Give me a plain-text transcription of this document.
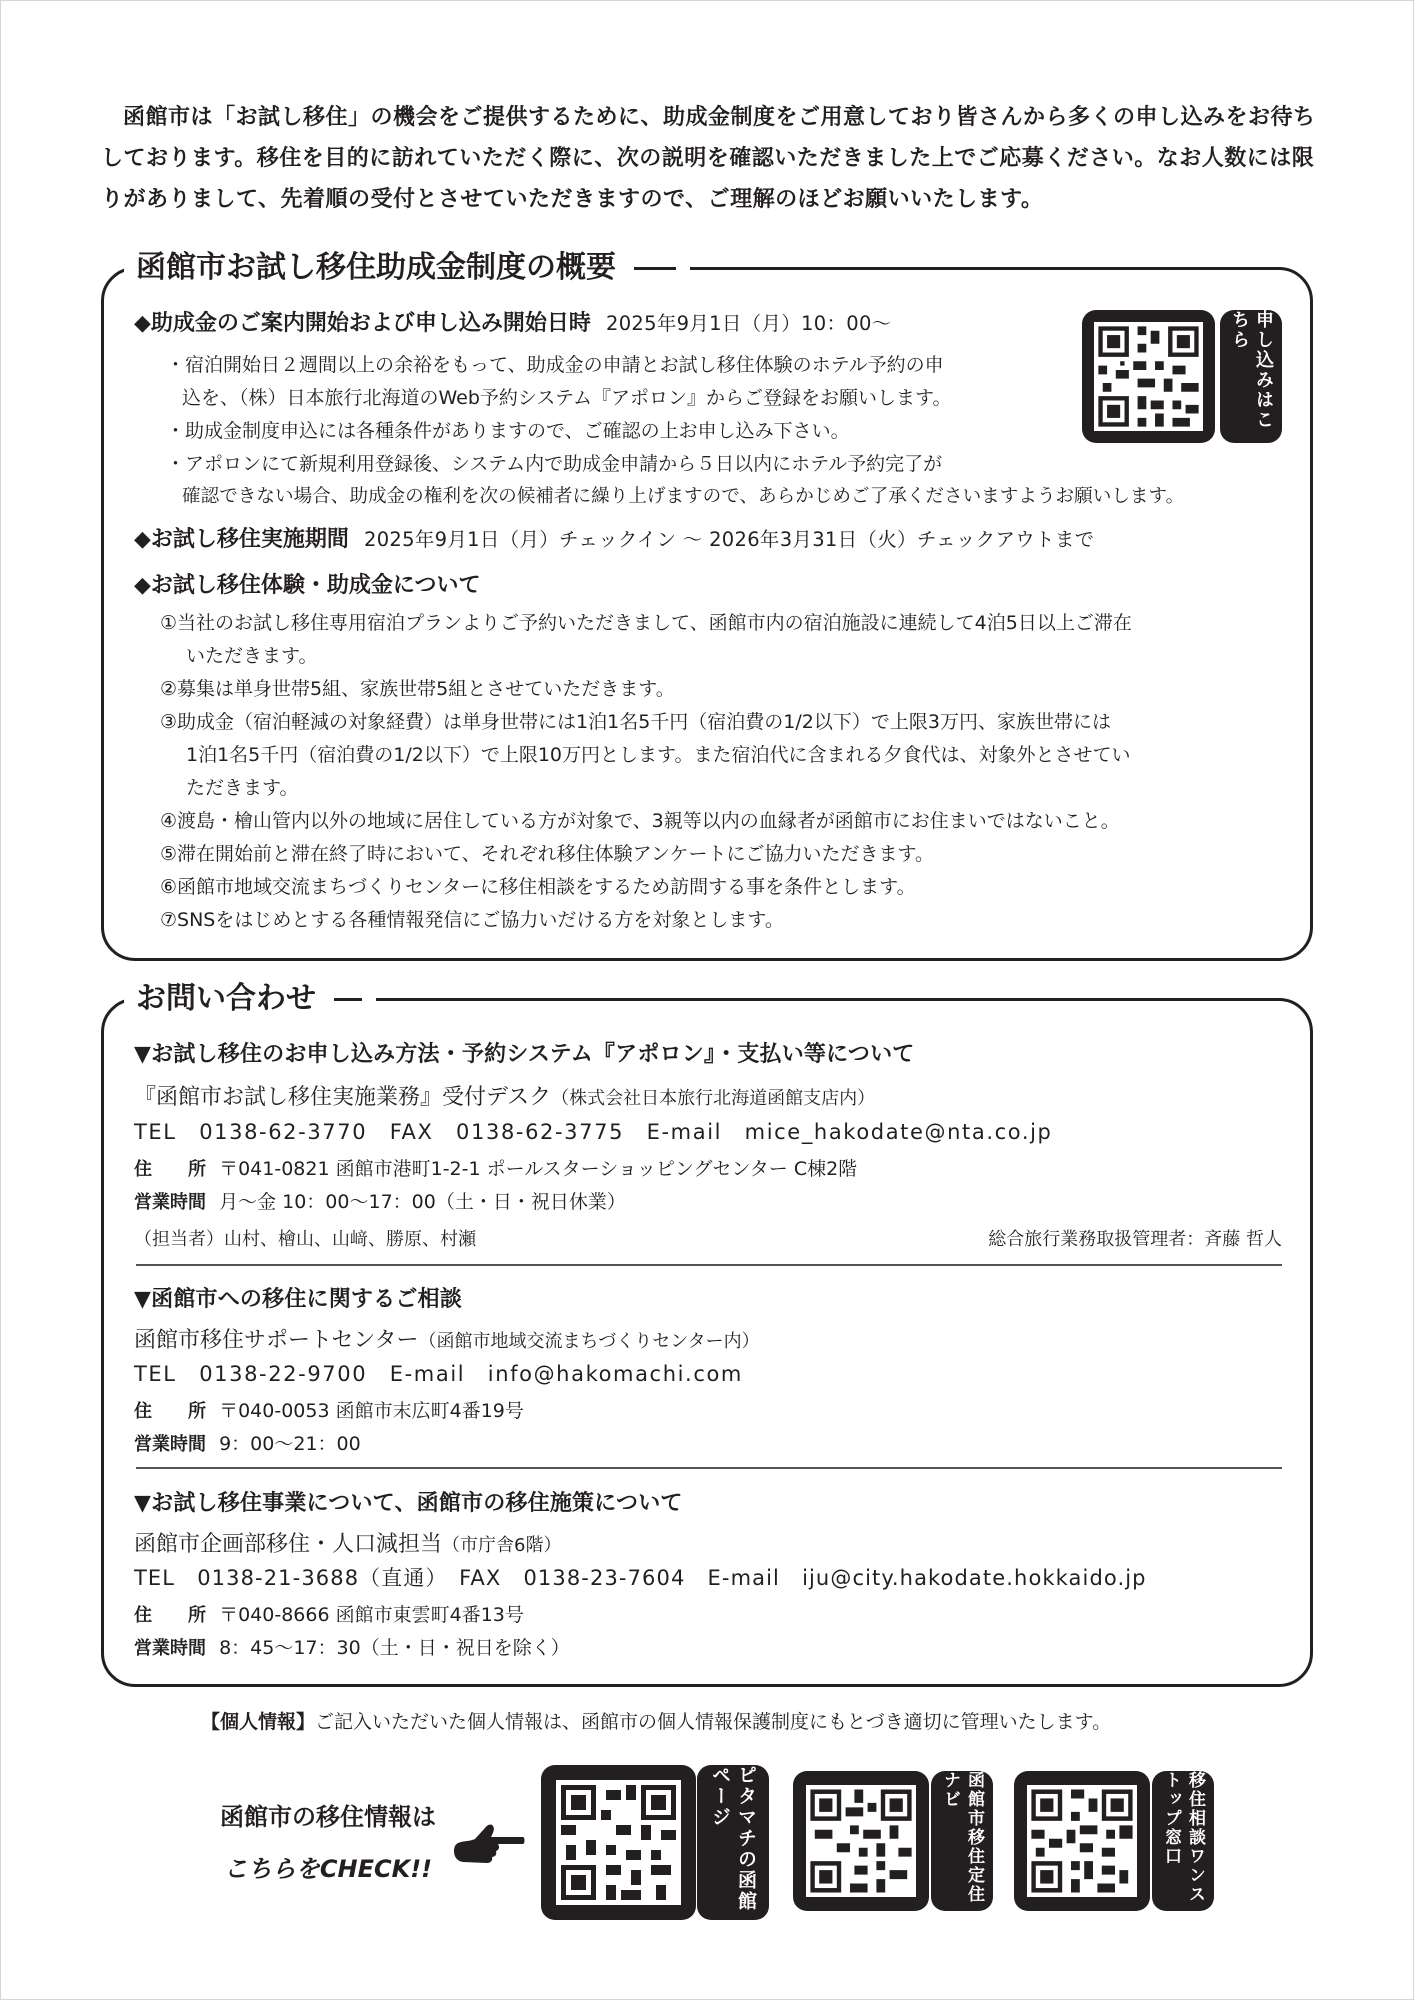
函館市は「お試し移住」の機会をご提供するために、助成金制度をご用意しており皆さんから多くの申し込みをお待ちしております。移住を目的に訪れていただく際に、次の説明を確認いただきました上でご応募ください。なお人数には限りがありまして、先着順の受付とさせていただきますので、ご理解のほどお願いいたします。
函館市お試し移住助成金制度の概要
◆助成金のご案内開始および申し込み開始日時 2025年9月1日（月）10：00～
・宿泊開始日２週間以上の余裕をもって、助成金の申請とお試し移住体験のホテル予約の申
込を、（株）日本旅行北海道のWeb予約システム『アポロン』からご登録をお願いします。
・助成金制度申込には各種条件がありますので、ご確認の上お申し込み下さい。
・アポロンにて新規利用登録後、システム内で助成金申請から５日以内にホテル予約完了が
確認できない場合、助成金の権利を次の候補者に繰り上げますので、あらかじめご了承くださいますようお願いします。
申し込みはこちら
◆お試し移住実施期間 2025年9月1日（月）チェックイン ～ 2026年3月31日（火）チェックアウトまで
◆お試し移住体験・助成金について
①当社のお試し移住専用宿泊プランよりご予約いただきまして、函館市内の宿泊施設に連続して4泊5日以上ご滞在
いただきます。
②募集は単身世帯5組、家族世帯5組とさせていただきます。
③助成金（宿泊軽減の対象経費）は単身世帯には1泊1名5千円（宿泊費の1/2以下）で上限3万円、家族世帯には
1泊1名5千円（宿泊費の1/2以下）で上限10万円とします。また宿泊代に含まれる夕食代は、対象外とさせてい
ただきます。
④渡島・檜山管内以外の地域に居住している方が対象で、3親等以内の血縁者が函館市にお住まいではないこと。
⑤滞在開始前と滞在終了時において、それぞれ移住体験アンケートにご協力いただきます。
⑥函館市地域交流まちづくりセンターに移住相談をするため訪問する事を条件とします。
⑦SNSをはじめとする各種情報発信にご協力いだける方を対象とします。
お問い合わせ
▼お試し移住のお申し込み方法・予約システム『アポロン』・支払い等について
『函館市お試し移住実施業務』受付デスク（株式会社日本旅行北海道函館支店内）
TEL　0138-62-3770　FAX　0138-62-3775　E-mail　mice_hakodate@nta.co.jp
住　　所 〒041-0821 函館市港町1-2-1 ポールスターショッピングセンター C棟2階
営業時間 月～金 10：00～17：00（土・日・祝日休業）
（担当者）山村、檜山、山﨑、勝原、村瀬	総合旅行業務取扱管理者：斉藤 哲人
▼函館市への移住に関するご相談
函館市移住サポートセンター（函館市地域交流まちづくりセンター内）
TEL　0138-22-9700　E-mail　info@hakomachi.com
住　　所 〒040-0053 函館市末広町4番19号
営業時間 9：00～21：00
▼お試し移住事業について、函館市の移住施策について
函館市企画部移住・人口減担当（市庁舎6階）
TEL　0138-21-3688（直通）　FAX　0138-23-7604　E-mail　iju@city.hakodate.hokkaido.jp
住　　所 〒040-8666 函館市東雲町4番13号
営業時間 8：45～17：30（土・日・祝日を除く）
【個人情報】ご記入いただいた個人情報は、函館市の個人情報保護制度にもとづき適切に管理いたします。
函館市の移住情報は
こちらをCHECK!!	ピタマチの函館ページ	函館市移住定住ナビ	移住相談ワンストップ窓口
